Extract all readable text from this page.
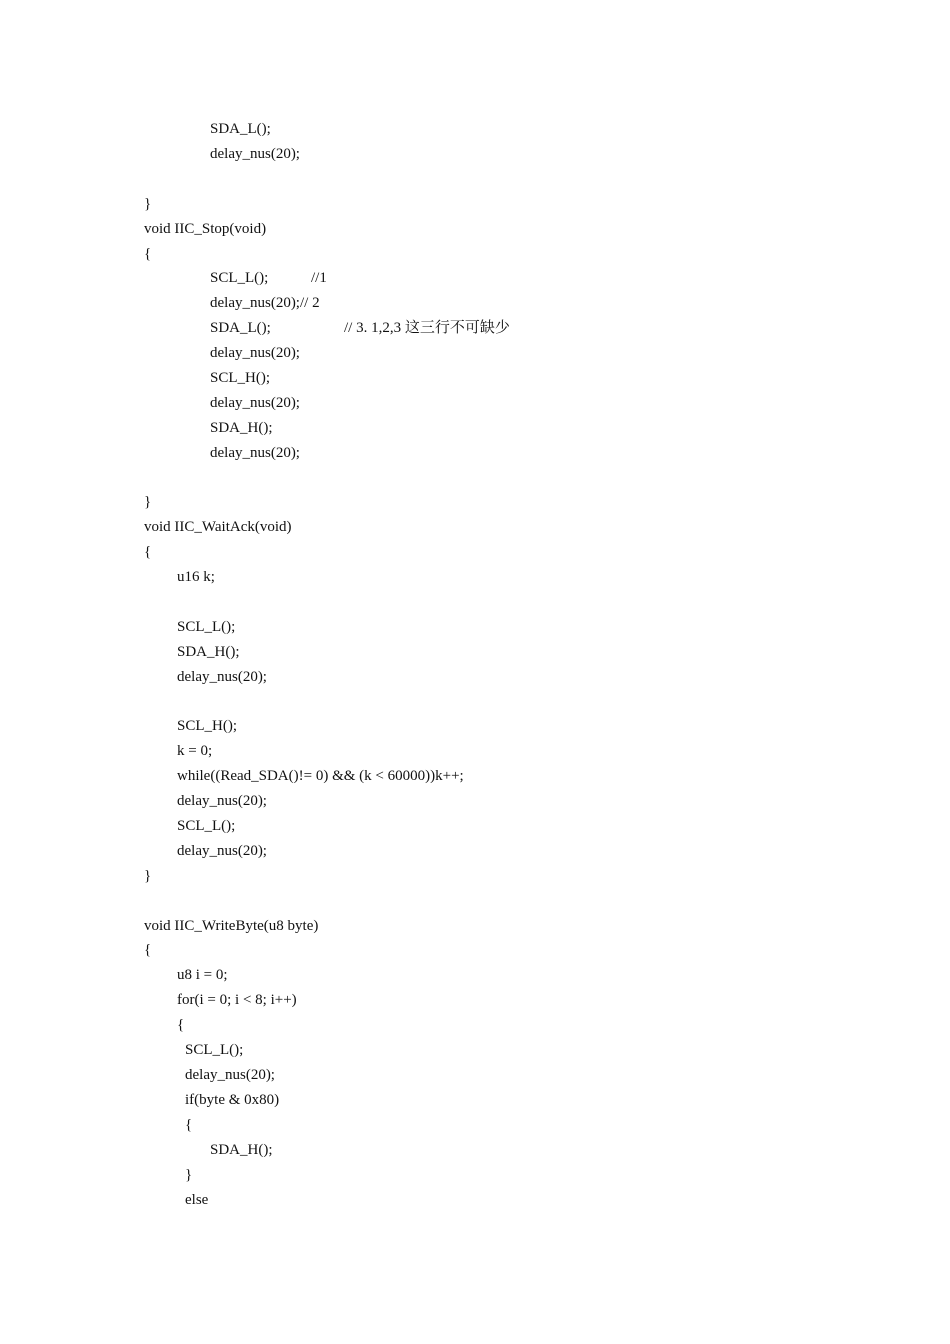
SDA_L();
delay_nus(20);
}
void IIC_Stop(void)
{
SCL_L();	//1
delay_nus(20);// 2
SDA_L();	// 3. 1,2,3 这三行不可缺少
delay_nus(20);
SCL_H();
delay_nus(20);
SDA_H();
delay_nus(20);
}
void IIC_WaitAck(void)
{
u16 k;
SCL_L();
SDA_H();
delay_nus(20);
SCL_H();
k = 0;
while((Read_SDA()!= 0) && (k < 60000))k++;
delay_nus(20);
SCL_L();
delay_nus(20);
}
void IIC_WriteByte(u8 byte)
{
u8 i = 0;
for(i = 0; i < 8; i++)
{
SCL_L();
delay_nus(20);
if(byte & 0x80)
{
SDA_H();
}
else
